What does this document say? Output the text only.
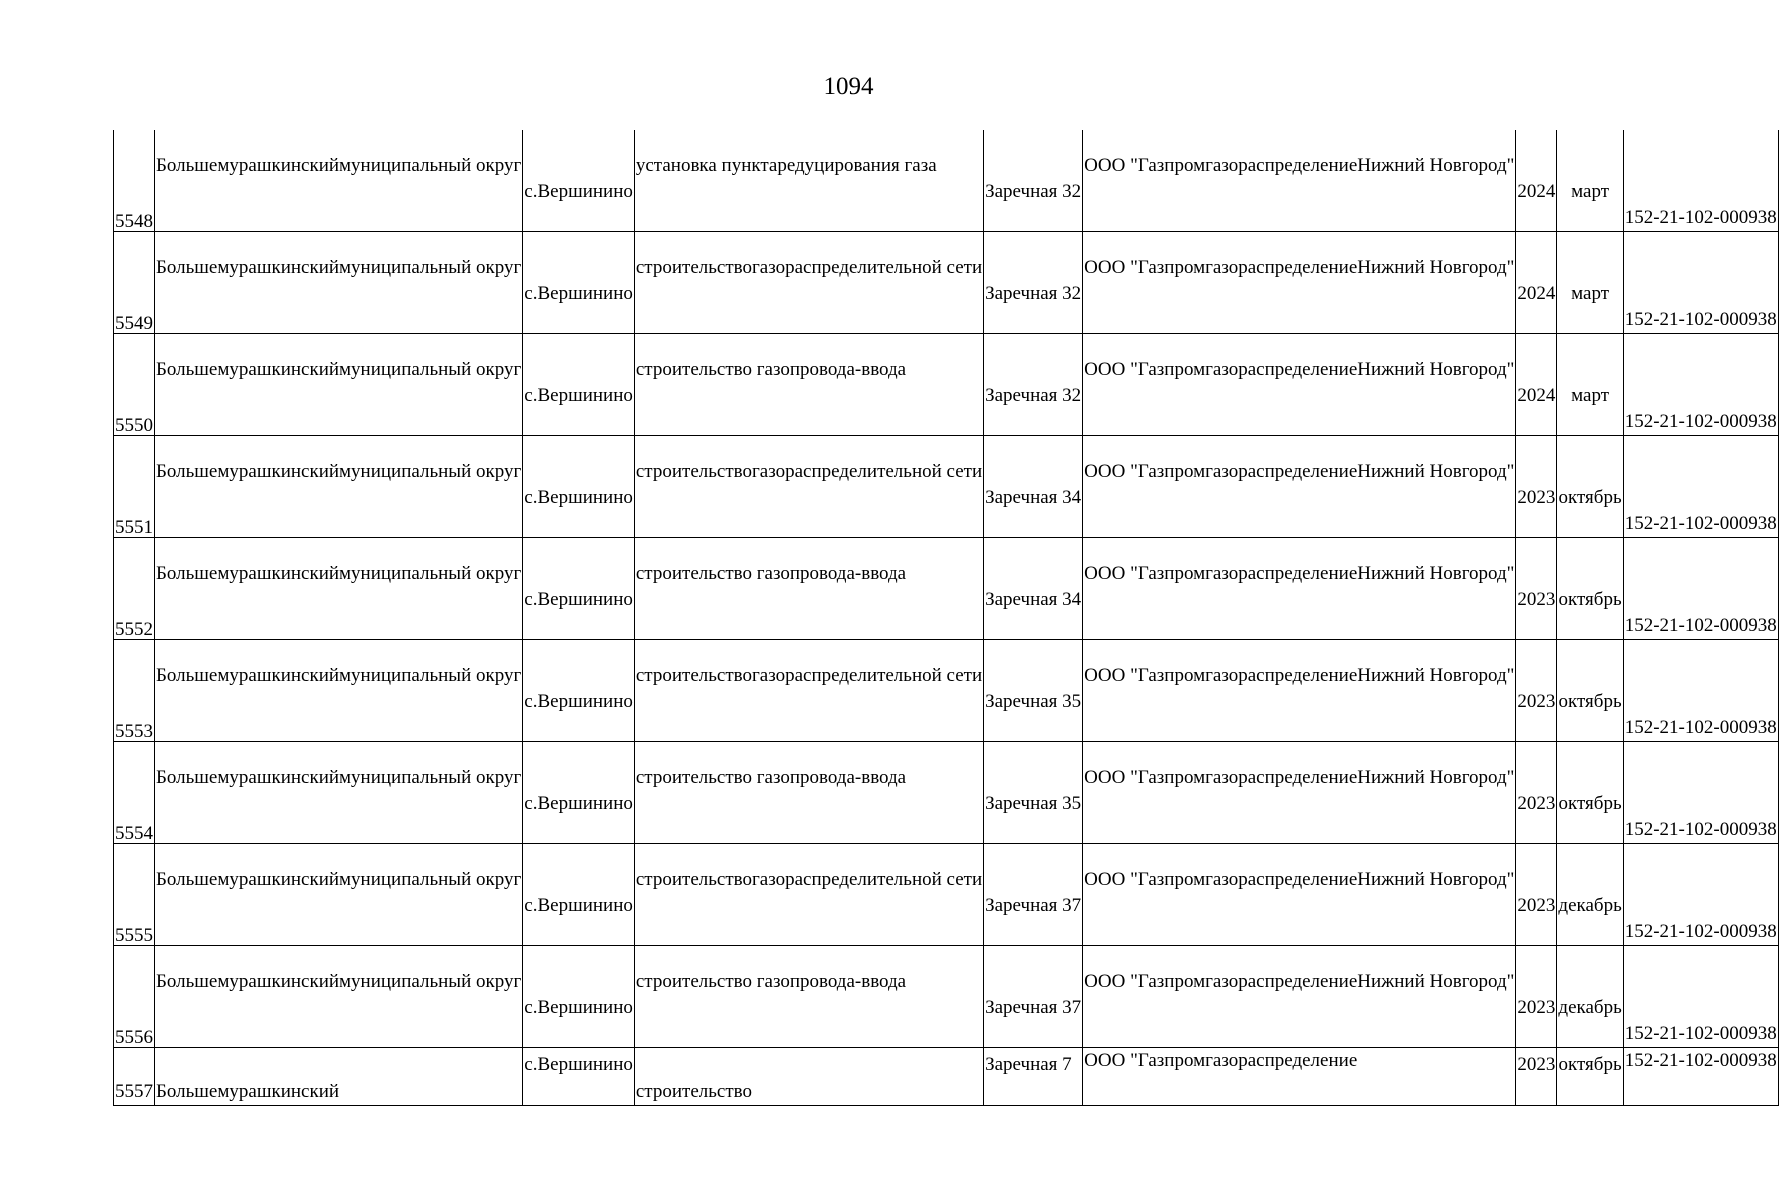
1094
5548	Большемурашкинскиймуниципальный округ	с.Вершинино	установка пунктаредуцирования газа	Заречная 32	ООО "ГазпромгазораспределениеНижний Новгород"	2024	март	152-21-102-000938
5549	Большемурашкинскиймуниципальный округ	с.Вершинино	строительствогазораспределительной сети	Заречная 32	ООО "ГазпромгазораспределениеНижний Новгород"	2024	март	152-21-102-000938
5550	Большемурашкинскиймуниципальный округ	с.Вершинино	строительство газопровода-ввода	Заречная 32	ООО "ГазпромгазораспределениеНижний Новгород"	2024	март	152-21-102-000938
5551	Большемурашкинскиймуниципальный округ	с.Вершинино	строительствогазораспределительной сети	Заречная 34	ООО "ГазпромгазораспределениеНижний Новгород"	2023	октябрь	152-21-102-000938
5552	Большемурашкинскиймуниципальный округ	с.Вершинино	строительство газопровода-ввода	Заречная 34	ООО "ГазпромгазораспределениеНижний Новгород"	2023	октябрь	152-21-102-000938
5553	Большемурашкинскиймуниципальный округ	с.Вершинино	строительствогазораспределительной сети	Заречная 35	ООО "ГазпромгазораспределениеНижний Новгород"	2023	октябрь	152-21-102-000938
5554	Большемурашкинскиймуниципальный округ	с.Вершинино	строительство газопровода-ввода	Заречная 35	ООО "ГазпромгазораспределениеНижний Новгород"	2023	октябрь	152-21-102-000938
5555	Большемурашкинскиймуниципальный округ	с.Вершинино	строительствогазораспределительной сети	Заречная 37	ООО "ГазпромгазораспределениеНижний Новгород"	2023	декабрь	152-21-102-000938
5556	Большемурашкинскиймуниципальный округ	с.Вершинино	строительство газопровода-ввода	Заречная 37	ООО "ГазпромгазораспределениеНижний Новгород"	2023	декабрь	152-21-102-000938
5557	Большемурашкинский	с.Вершинино	строительство	Заречная 7	ООО "Газпромгазораспределение	2023	октябрь	152-21-102-000938
